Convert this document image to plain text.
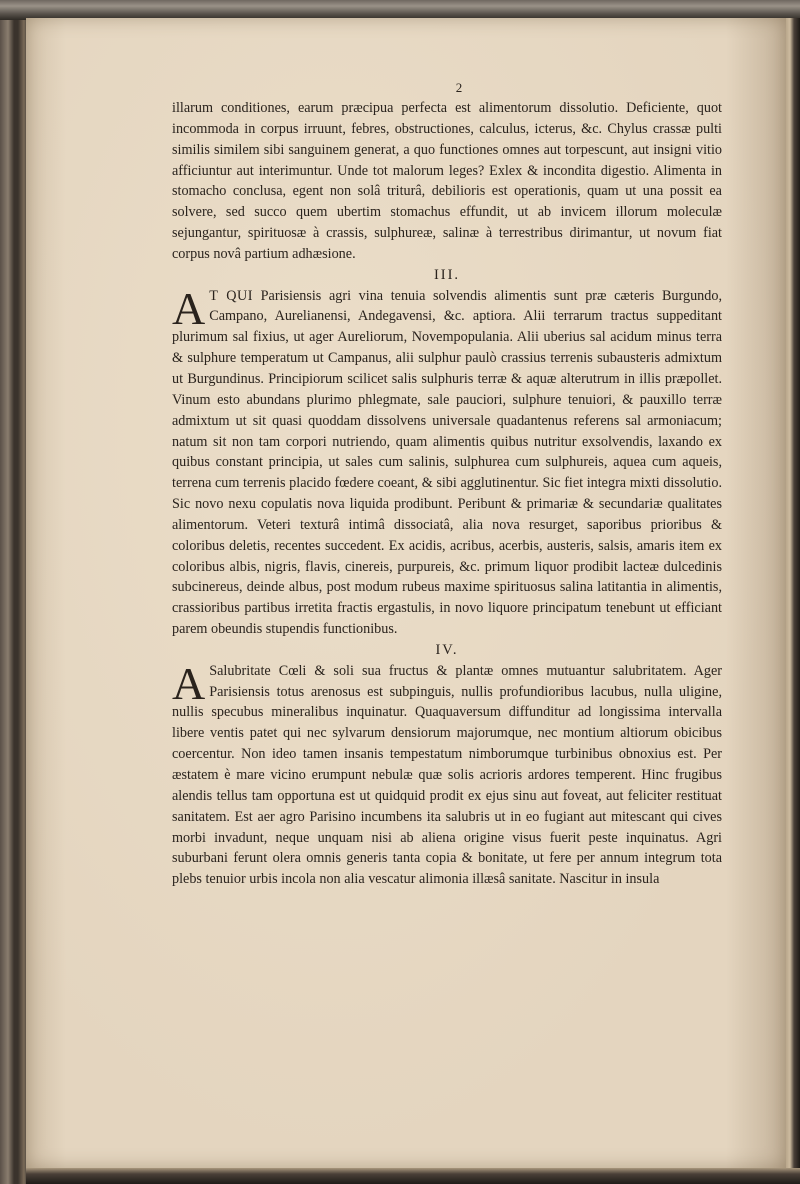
2

illarum conditiones, earum præcipua perfecta est alimentorum dissolutio. Deficiente, quot incommoda in corpus irruunt, febres, obstructiones, calculus, icterus, &c. Chylus crassæ pulti similis similem sibi sanguinem generat, a quo functiones omnes aut torpescunt, aut insigni vitio afficiuntur aut interimuntur. Unde tot malorum leges? Exlex & incondita digestio. Alimenta in stomacho conclusa, egent non solâ triturâ, debilioris est operationis, quam ut una possit ea solvere, sed succo quem ubertim stomachus effundit, ut ab invicem illorum moleculæ sejungantur, spirituosæ à crassis, sulphureæ, salinæ à terrestribus dirimantur, ut novum fiat corpus novâ partium adhæsione.

III.

A T QUI Parisiensis agri vina tenuia solvendis alimentis sunt præ cæteris Burgundo, Campano, Aurelianensi, Andegavensi, &c. aptiora. Alii terrarum tractus suppeditant plurimum sal fixius, ut ager Aureliorum, Novempopulania. Alii uberius sal acidum minus terra & sulphure temperatum ut Campanus, alii sulphur paulò crassius terrenis subausteris admixtum ut Burgundinus. Principiorum scilicet salis sulphuris terræ & aquæ alterutrum in illis præpollet. Vinum esto abundans plurimo phlegmate, sale pauciori, sulphure tenuiori, & pauxillo terræ admixtum ut sit quasi quoddam dissolvens universale quadantenus referens sal armoniacum; natum sit non tam corpori nutriendo, quam alimentis quibus nutritur exsolvendis, laxando ex quibus constant principia, ut sales cum salinis, sulphurea cum sulphureis, aquea cum aqueis, terrena cum terrenis placido fœdere coeant, & sibi agglutinentur. Sic fiet integra mixti dissolutio. Sic novo nexu copulatis nova liquida prodibunt. Peribunt & primariæ & secundariæ qualitates alimentorum. Veteri texturâ intimâ dissociatâ, alia nova resurget, saporibus prioribus & coloribus deletis, recentes succedent. Ex acidis, acribus, acerbis, austeris, salsis, amaris item ex coloribus albis, nigris, flavis, cinereis, purpureis, &c. primum liquor prodibit lacteæ dulcedinis subcinereus, deinde albus, post modum rubeus maxime spirituosus salina latitantia in alimentis, crassioribus partibus irretita fractis ergastulis, in novo liquore principatum tenebunt ut efficiant parem obeundis stupendis functionibus.

IV.

A Salubritate Cœli & soli sua fructus & plantæ omnes mutuantur salubritatem. Ager Parisiensis totus arenosus est subpinguis, nullis profundioribus lacubus, nulla uligine, nullis specubus mineralibus inquinatur. Quaquaversum diffunditur ad longissima intervalla libere ventis patet qui nec sylvarum densiorum majorumque, nec montium altiorum obicibus coercentur. Non ideo tamen insanis tempestatum nimborumque turbinibus obnoxius est. Per æstatem è mare vicino erumpunt nebulæ quæ solis acrioris ardores temperent. Hinc frugibus alendis tellus tam opportuna est ut quidquid prodit ex ejus sinu aut foveat, aut feliciter restituat sanitatem. Est aer agro Parisino incumbens ita salubris ut in eo fugiant aut mitescant qui cives morbi invadunt, neque unquam nisi ab aliena origine visus fuerit peste inquinatus. Agri suburbani ferunt olera omnis generis tanta copia & bonitate, ut fere per annum integrum tota plebs tenuior urbis incola non alia vescatur alimonia illæsâ sanitate. Nascitur in insula
